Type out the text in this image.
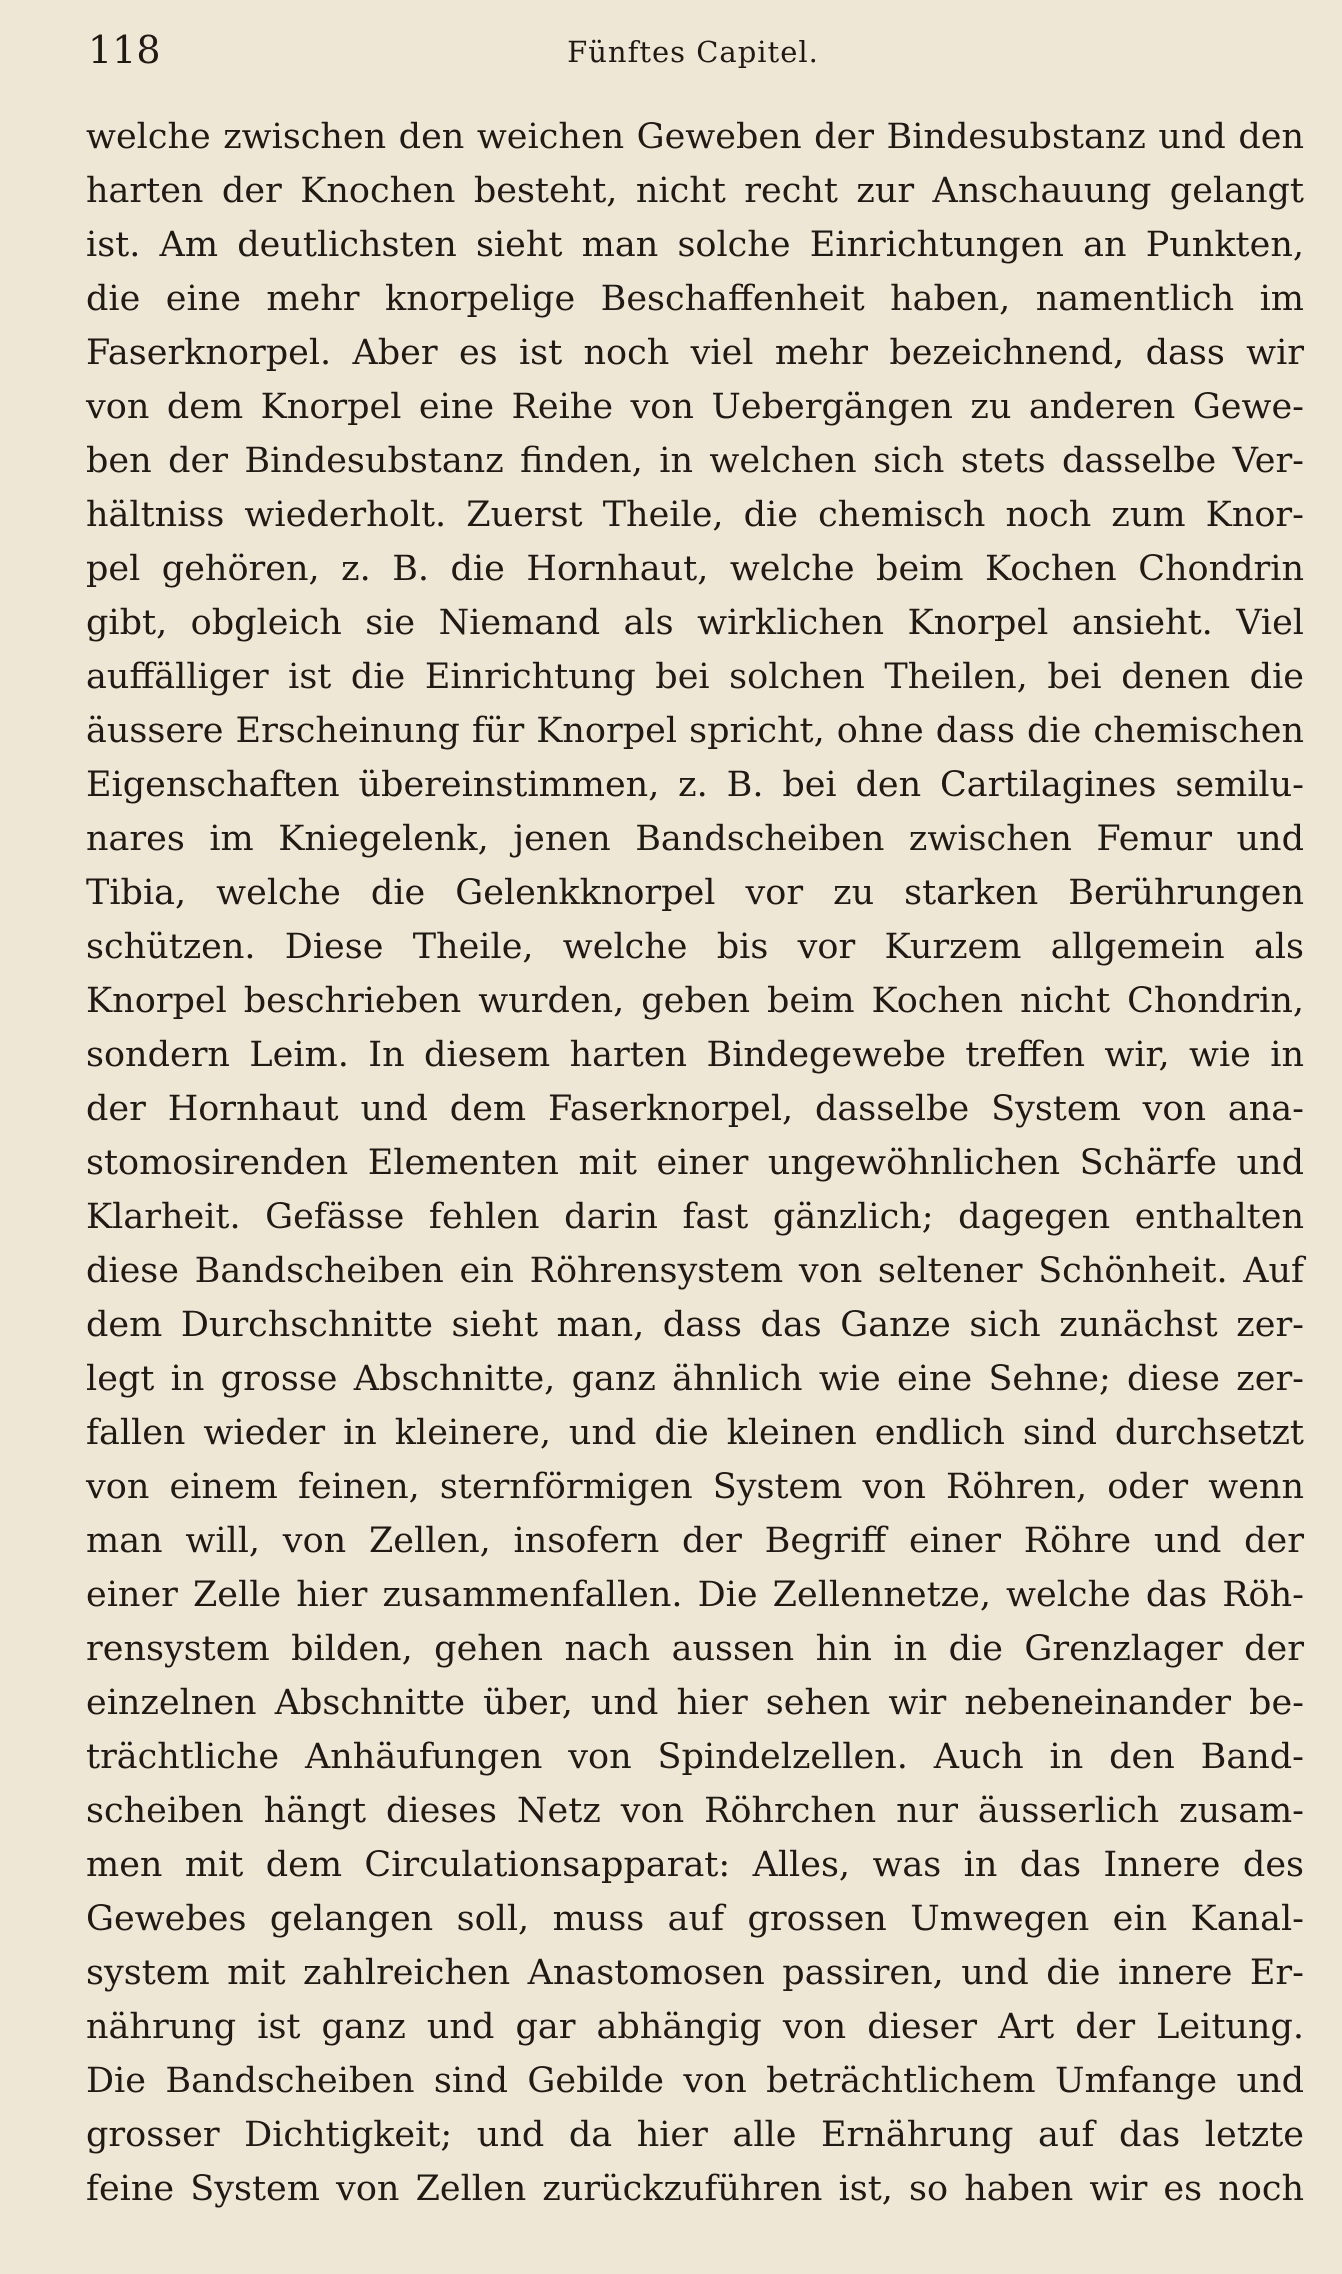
118	Fünftes Capitel.
welche zwischen den weichen Geweben der Bindesubstanz und den
harten der Knochen besteht, nicht recht zur Anschauung gelangt
ist. Am deutlichsten sieht man solche Einrichtungen an Punkten,
die eine mehr knorpelige Beschaffenheit haben, namentlich im
Faserknorpel. Aber es ist noch viel mehr bezeichnend, dass wir
von dem Knorpel eine Reihe von Uebergängen zu anderen Gewe-
ben der Bindesubstanz finden, in welchen sich stets dasselbe Ver-
hältniss wiederholt. Zuerst Theile, die chemisch noch zum Knor-
pel gehören, z. B. die Hornhaut, welche beim Kochen Chondrin
gibt, obgleich sie Niemand als wirklichen Knorpel ansieht. Viel
auffälliger ist die Einrichtung bei solchen Theilen, bei denen die
äussere Erscheinung für Knorpel spricht, ohne dass die chemischen
Eigenschaften übereinstimmen, z. B. bei den Cartilagines semilu-
nares im Kniegelenk, jenen Bandscheiben zwischen Femur und
Tibia, welche die Gelenkknorpel vor zu starken Berührungen
schützen. Diese Theile, welche bis vor Kurzem allgemein als
Knorpel beschrieben wurden, geben beim Kochen nicht Chondrin,
sondern Leim. In diesem harten Bindegewebe treffen wir, wie in
der Hornhaut und dem Faserknorpel, dasselbe System von ana-
stomosirenden Elementen mit einer ungewöhnlichen Schärfe und
Klarheit. Gefässe fehlen darin fast gänzlich; dagegen enthalten
diese Bandscheiben ein Röhrensystem von seltener Schönheit. Auf
dem Durchschnitte sieht man, dass das Ganze sich zunächst zer-
legt in grosse Abschnitte, ganz ähnlich wie eine Sehne; diese zer-
fallen wieder in kleinere, und die kleinen endlich sind durchsetzt
von einem feinen, sternförmigen System von Röhren, oder wenn
man will, von Zellen, insofern der Begriff einer Röhre und der
einer Zelle hier zusammenfallen. Die Zellennetze, welche das Röh-
rensystem bilden, gehen nach aussen hin in die Grenzlager der
einzelnen Abschnitte über, und hier sehen wir nebeneinander be-
trächtliche Anhäufungen von Spindelzellen. Auch in den Band-
scheiben hängt dieses Netz von Röhrchen nur äusserlich zusam-
men mit dem Circulationsapparat: Alles, was in das Innere des
Gewebes gelangen soll, muss auf grossen Umwegen ein Kanal-
system mit zahlreichen Anastomosen passiren, und die innere Er-
nährung ist ganz und gar abhängig von dieser Art der Leitung.
Die Bandscheiben sind Gebilde von beträchtlichem Umfange und
grosser Dichtigkeit; und da hier alle Ernährung auf das letzte
feine System von Zellen zurückzuführen ist, so haben wir es noch
